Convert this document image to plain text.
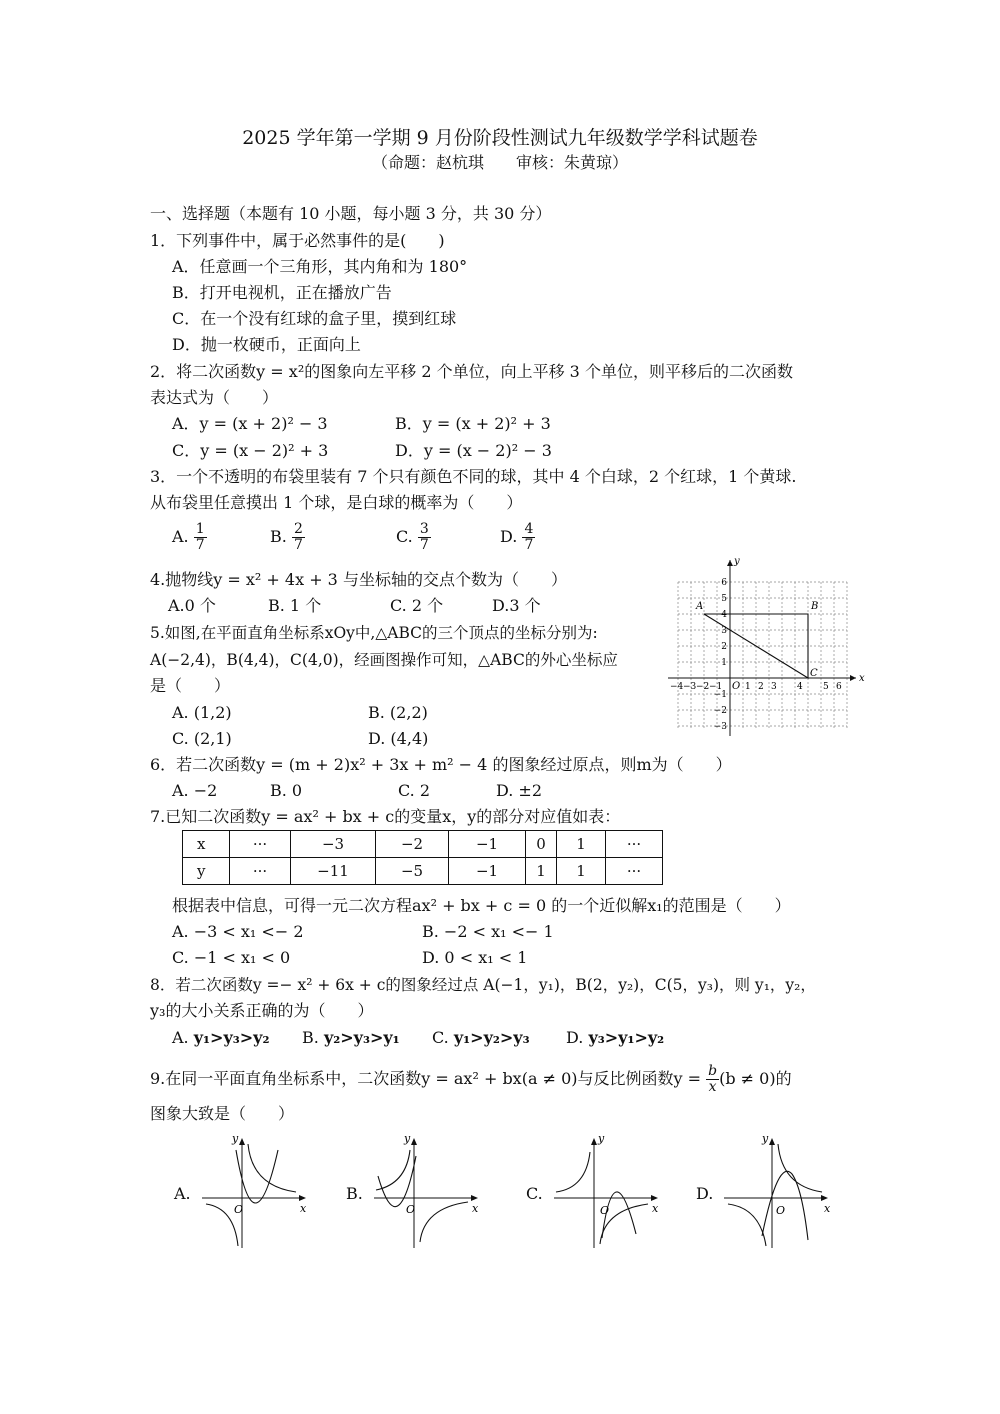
2025 学年第一学期 9 月份阶段性测试九年级数学学科试题卷
（命题：赵杭琪　　审核：朱黄琼）
一、选择题（本题有 10 小题，每小题 3 分，共 30 分）
1．下列事件中，属于必然事件的是(　　)
A．任意画一个三角形，其内角和为 180°
B．打开电视机，正在播放广告
C．在一个没有红球的盒子里，摸到红球
D．抛一枚硬币，正面向上
2．将二次函数y = x²的图象向左平移 2 个单位，向上平移 3 个单位，则平移后的二次函数
表达式为（　　）
A．y = (x + 2)² − 3	B．y = (x + 2)² + 3
C．y = (x − 2)² + 3	D．y = (x − 2)² − 3
3．一个不透明的布袋里装有 7 个只有颜色不同的球，其中 4 个白球，2 个红球，1 个黄球.
从布袋里任意摸出 1 个球，是白球的概率为（　　）
A. $\frac{1}{7}$	B. $\frac{2}{7}$	C. $\frac{3}{7}$	D. $\frac{4}{7}$
4.抛物线y = x² + 4x + 3 与坐标轴的交点个数为（　　）
A.0 个	B. 1 个	C. 2 个	D.3 个
5.如图,在平面直角坐标系xOy中,△ABC的三个顶点的坐标分别为:
A(−2,4)，B(4,4)，C(4,0)，经画图操作可知，△ABC的外心坐标应
是（　　）
A. (1,2)	B. (2,2)
C. (2,1)	D. (4,4)
x
y
O
A	B
C
−4 −3 −2 −1	1 2 3 4 5 6
6
5
4
3
2
1
−1
−2
−3
6．若二次函数y = (m + 2)x² + 3x + m² − 4 的图象经过原点，则m为（　　）
A. −2	B. 0	C. 2	D. ±2
7.已知二次函数y = ax² + bx + c的变量x，y的部分对应值如表：
x	···	−3	−2	−1	0	1	···
y	···	−11	−5	−1	1	1	···
根据表中信息，可得一元二次方程ax² + bx + c = 0 的一个近似解x₁的范围是（　　）
A. −3 < x₁ <− 2	B. −2 < x₁ <− 1
C. −1 < x₁ < 0	D. 0 < x₁ < 1
8．若二次函数y =− x² + 6x + c的图象经过点 A(−1，y₁)，B(2，y₂)，C(5，y₃)，则 y₁，y₂，
y₃的大小关系正确的为（　　）
A. y₁>y₃>y₂ B. y₂>y₃>y₁ C. y₁>y₂>y₃ D. y₃>y₁>y₂
9.在同一平面直角坐标系中，二次函数y = ax² + bx(a ≠ 0)与反比例函数$y = \frac{b}{x} (b \ne 0)$的
图象大致是（　　）
A.
O	x
y
B.
O	x
y
C.
O	x
y
D.
O	x
y
